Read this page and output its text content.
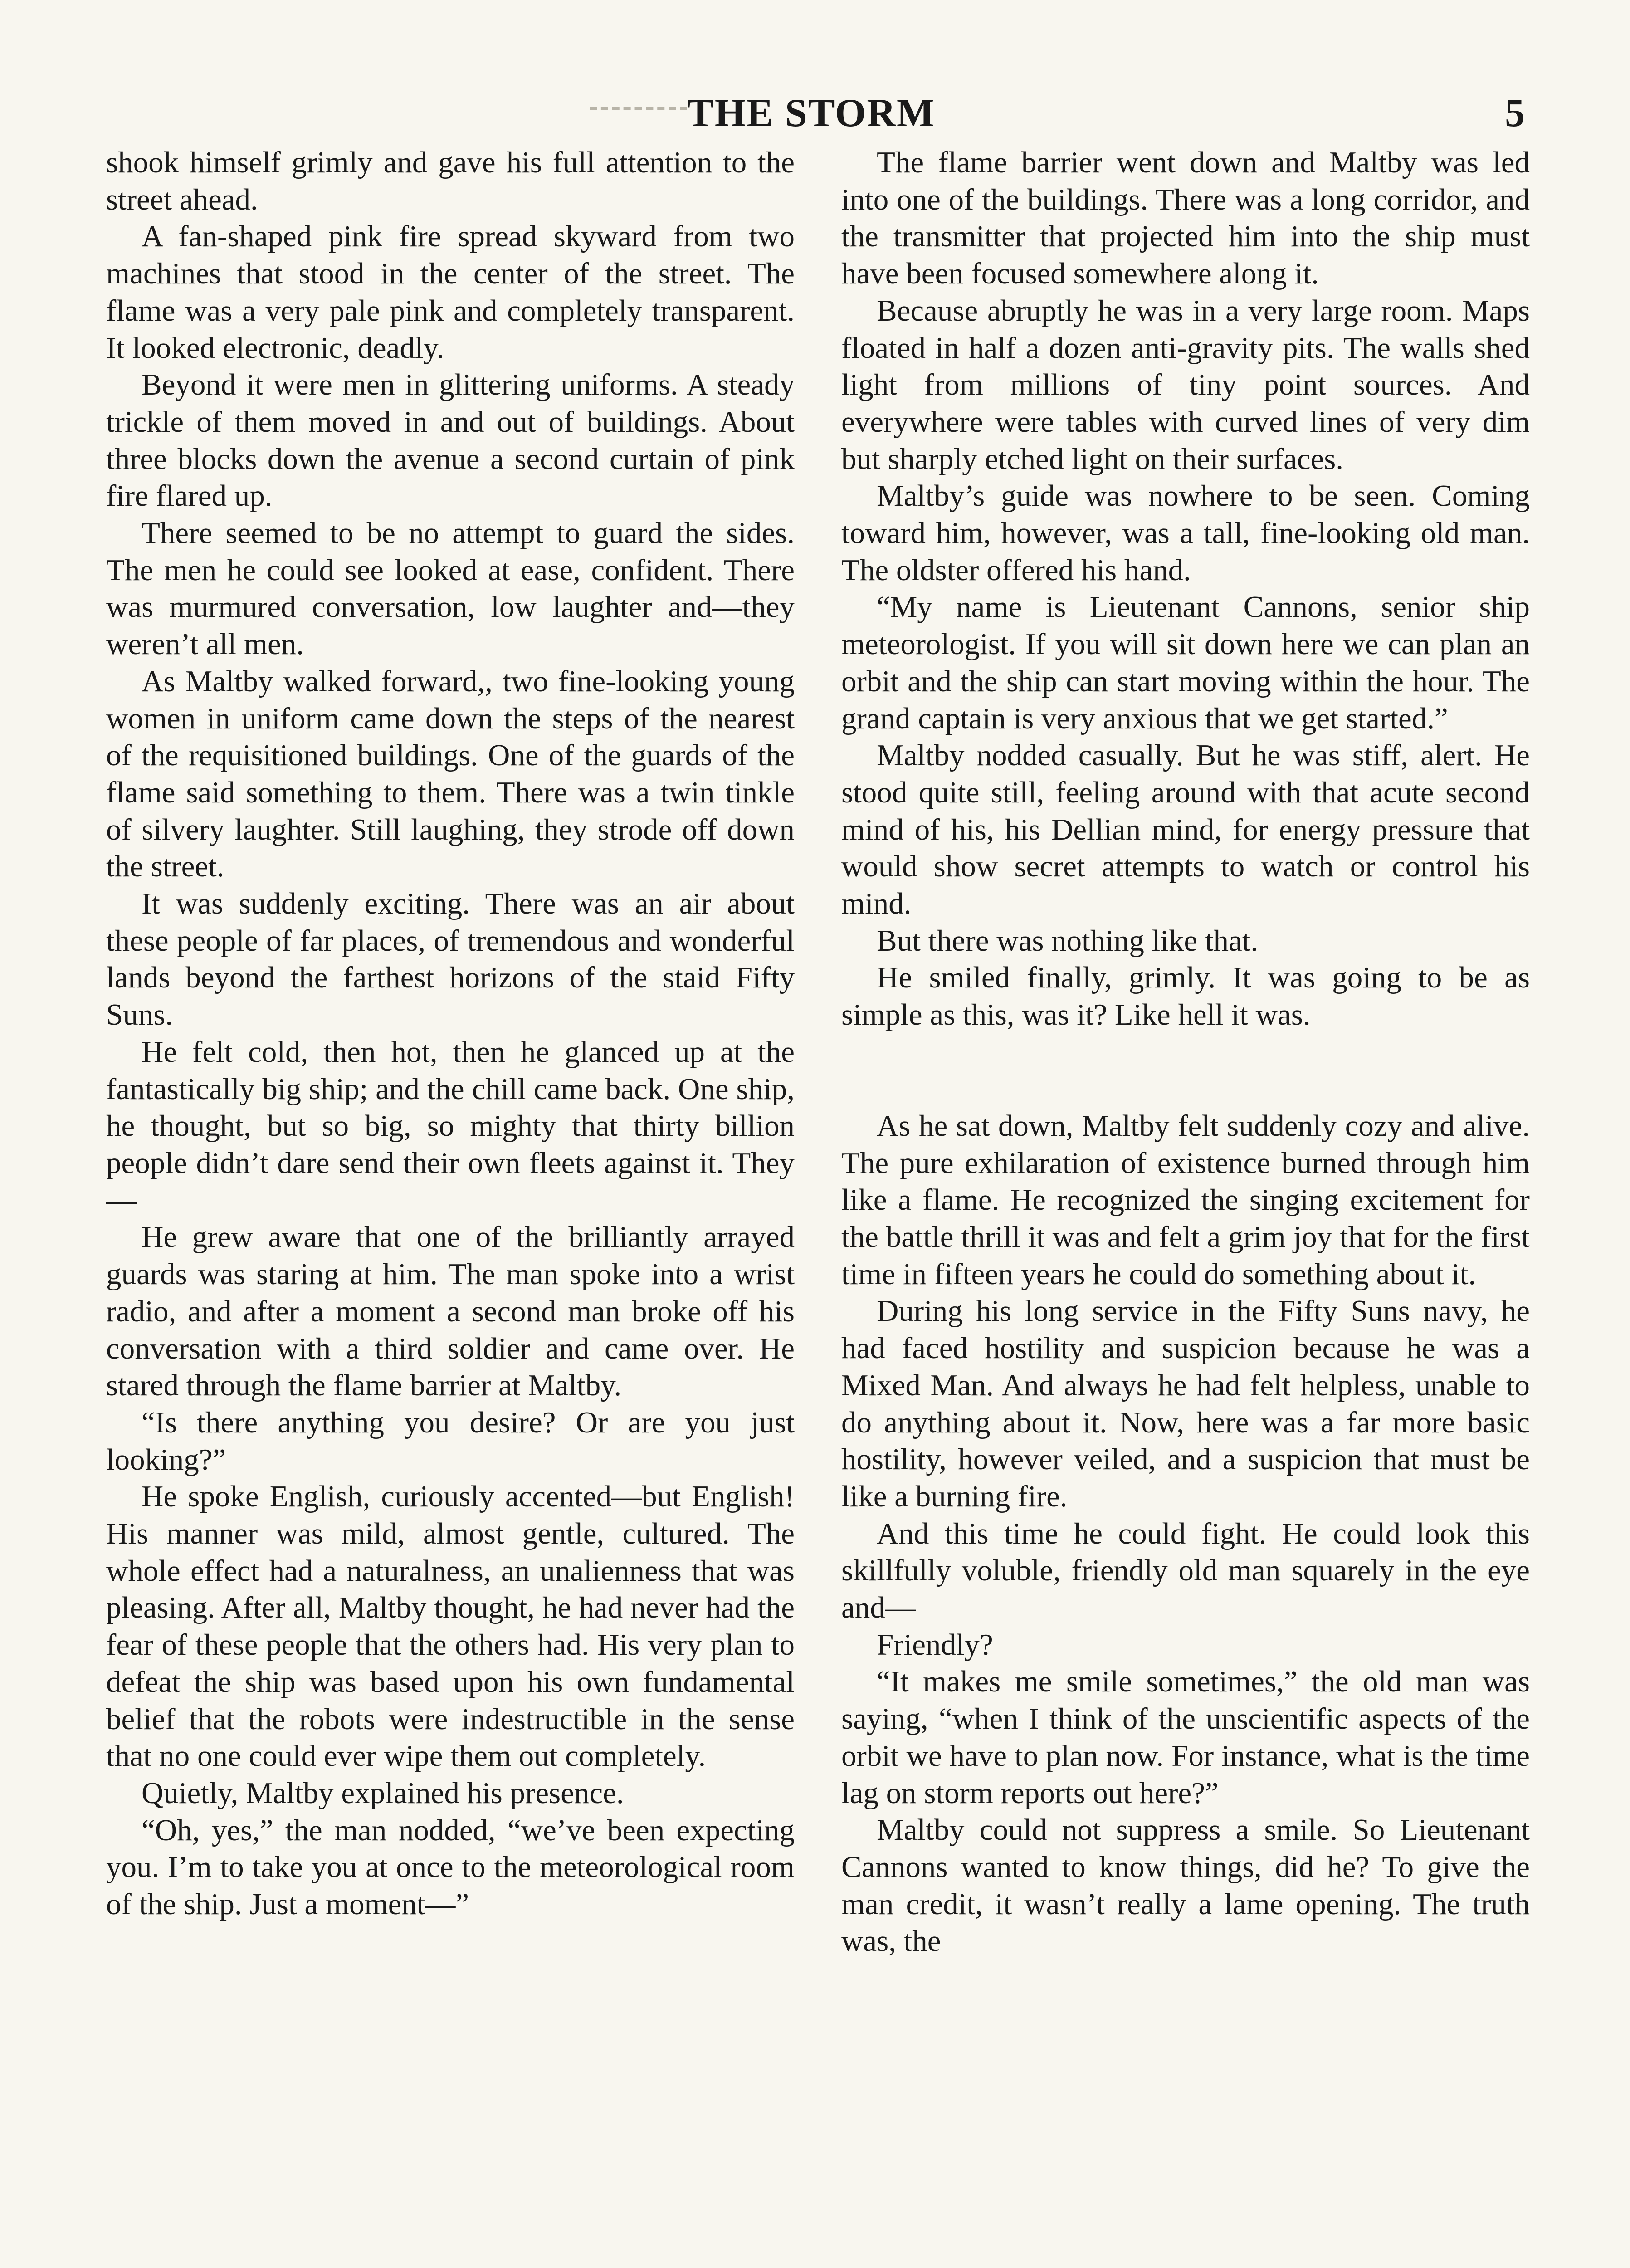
THE STORM	5

shook himself grimly and gave his full attention to the street ahead.

A fan-shaped pink fire spread skyward from two machines that stood in the center of the street. The flame was a very pale pink and completely transparent. It looked electronic, deadly.

Beyond it were men in glittering uniforms. A steady trickle of them moved in and out of buildings. About three blocks down the avenue a second curtain of pink fire flared up.

There seemed to be no attempt to guard the sides. The men he could see looked at ease, confident. There was murmured conversation, low laughter and—they weren’t all men.

As Maltby walked forward,, two fine-looking young women in uniform came down the steps of the nearest of the requisitioned buildings. One of the guards of the flame said something to them. There was a twin tinkle of silvery laughter. Still laughing, they strode off down the street.

It was suddenly exciting. There was an air about these people of far places, of tremendous and wonderful lands beyond the farthest horizons of the staid Fifty Suns.

He felt cold, then hot, then he glanced up at the fantastically big ship; and the chill came back. One ship, he thought, but so big, so mighty that thirty billion people didn’t dare send their own fleets against it. They—

He grew aware that one of the brilliantly arrayed guards was staring at him. The man spoke into a wrist radio, and after a moment a second man broke off his conversation with a third soldier and came over. He stared through the flame barrier at Maltby.

“Is there anything you desire? Or are you just looking?”

He spoke English, curiously accented—but English! His manner was mild, almost gentle, cultured. The whole effect had a naturalness, an unalienness that was pleasing. After all, Maltby thought, he had never had the fear of these people that the others had. His very plan to defeat the ship was based upon his own fundamental belief that the robots were indestructible in the sense that no one could ever wipe them out completely.

Quietly, Maltby explained his presence.

“Oh, yes,” the man nodded, “we’ve been expecting you. I’m to take you at once to the meteorological room of the ship. Just a moment—”

The flame barrier went down and Maltby was led into one of the buildings. There was a long corridor, and the transmitter that projected him into the ship must have been focused somewhere along it.

Because abruptly he was in a very large room. Maps floated in half a dozen anti-gravity pits. The walls shed light from millions of tiny point sources. And everywhere were tables with curved lines of very dim but sharply etched light on their surfaces.

Maltby’s guide was nowhere to be seen. Coming toward him, however, was a tall, fine-looking old man. The oldster offered his hand.

“My name is Lieutenant Cannons, senior ship meteorologist. If you will sit down here we can plan an orbit and the ship can start moving within the hour. The grand captain is very anxious that we get started.”

Maltby nodded casually. But he was stiff, alert. He stood quite still, feeling around with that acute second mind of his, his Dellian mind, for energy pressure that would show secret attempts to watch or control his mind.

But there was nothing like that.

He smiled finally, grimly. It was going to be as simple as this, was it? Like hell it was.

As he sat down, Maltby felt suddenly cozy and alive. The pure exhilaration of existence burned through him like a flame. He recognized the singing excitement for the battle thrill it was and felt a grim joy that for the first time in fifteen years he could do something about it.

During his long service in the Fifty Suns navy, he had faced hostility and suspicion because he was a Mixed Man. And always he had felt helpless, unable to do anything about it. Now, here was a far more basic hostility, however veiled, and a suspicion that must be like a burning fire.

And this time he could fight. He could look this skillfully voluble, friendly old man squarely in the eye and—

Friendly?

“It makes me smile sometimes,” the old man was saying, “when I think of the unscientific aspects of the orbit we have to plan now. For instance, what is the time lag on storm reports out here?”

Maltby could not suppress a smile. So Lieutenant Cannons wanted to know things, did he? To give the man credit, it wasn’t really a lame opening. The truth was, the
